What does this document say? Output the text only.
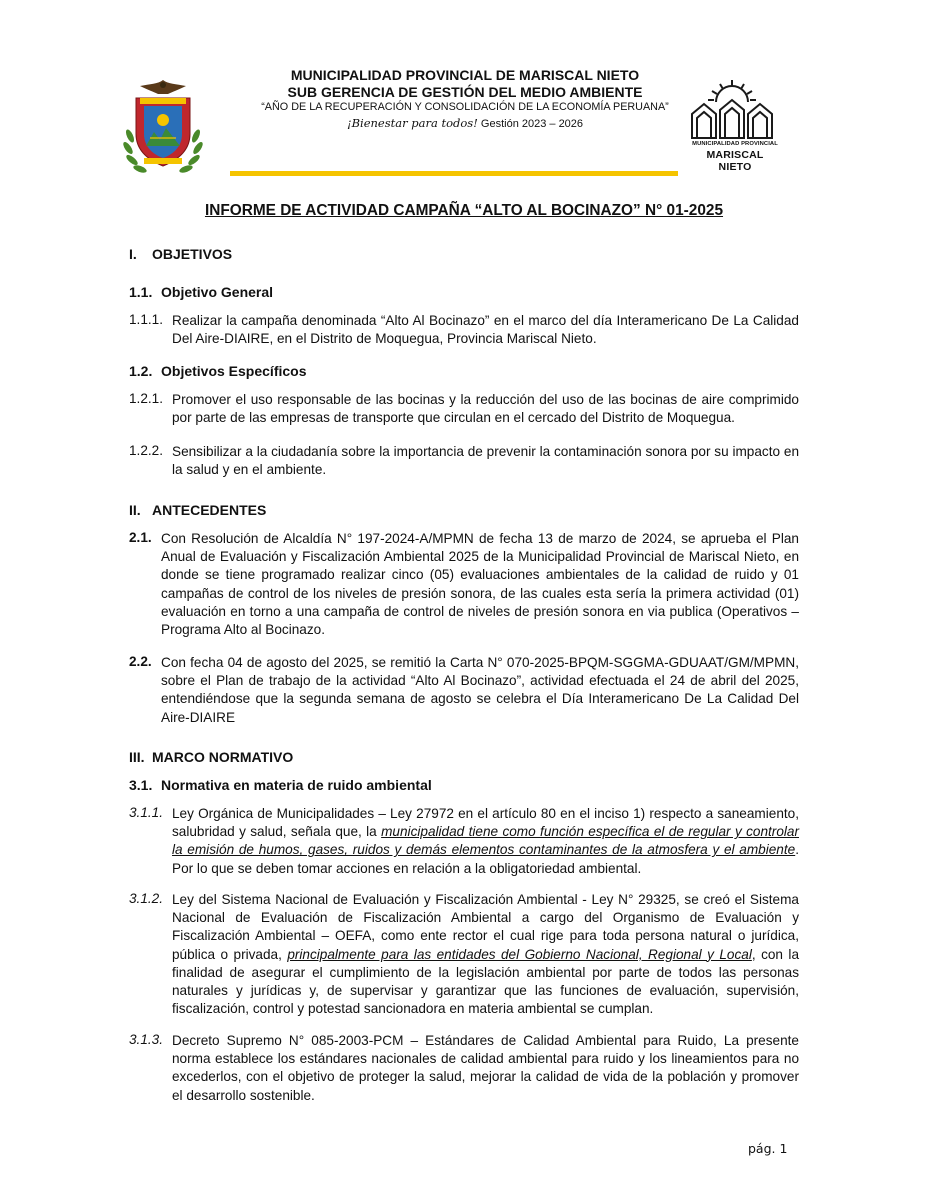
MUNICIPALIDAD PROVINCIAL
MARISCAL NIETO
MUNICIPALIDAD PROVINCIAL DE MARISCAL NIETO
SUB GERENCIA DE GESTIÓN DEL MEDIO AMBIENTE
“AÑO DE LA RECUPERACIÓN Y CONSOLIDACIÓN DE LA ECONOMÍA PERUANA”
¡Bienestar para todos! Gestión 2023 – 2026
INFORME DE ACTIVIDAD CAMPAÑA “ALTO AL BOCINAZO” N° 01-2025
I. OBJETIVOS
1.1. Objetivo General
1.1.1. Realizar la campaña denominada “Alto Al Bocinazo” en el marco del día Interamericano De La Calidad Del Aire-DIAIRE, en el Distrito de Moquegua, Provincia Mariscal Nieto.
1.2. Objetivos Específicos
1.2.1. Promover el uso responsable de las bocinas y la reducción del uso de las bocinas de aire comprimido por parte de las empresas de transporte que circulan en el cercado del Distrito de Moquegua.
1.2.2. Sensibilizar a la ciudadanía sobre la importancia de prevenir la contaminación sonora por su impacto en la salud y en el ambiente.
II. ANTECEDENTES
2.1. Con Resolución de Alcaldía N° 197-2024-A/MPMN de fecha 13 de marzo de 2024, se aprueba el Plan Anual de Evaluación y Fiscalización Ambiental 2025 de la Municipalidad Provincial de Mariscal Nieto, en donde se tiene programado realizar cinco (05) evaluaciones ambientales de la calidad de ruido y 01 campañas de control de los niveles de presión sonora, de las cuales esta sería la primera actividad (01) evaluación en torno a una campaña de control de niveles de presión sonora en via publica (Operativos – Programa Alto al Bocinazo.
2.2. Con fecha 04 de agosto del 2025, se remitió la Carta N° 070-2025-BPQM-SGGMA-GDUAAT/GM/MPMN, sobre el Plan de trabajo de la actividad “Alto Al Bocinazo”, actividad efectuada el 24 de abril del 2025, entendiéndose que la segunda semana de agosto se celebra el Día Interamericano De La Calidad Del Aire-DIAIRE
III. MARCO NORMATIVO
3.1. Normativa en materia de ruido ambiental
3.1.1. Ley Orgánica de Municipalidades – Ley 27972 en el artículo 80 en el inciso 1) respecto a saneamiento, salubridad y salud, señala que, la municipalidad tiene como función específica el de regular y controlar la emisión de humos, gases, ruidos y demás elementos contaminantes de la atmosfera y el ambiente. Por lo que se deben tomar acciones en relación a la obligatoriedad ambiental.
3.1.2. Ley del Sistema Nacional de Evaluación y Fiscalización Ambiental - Ley N° 29325, se creó el Sistema Nacional de Evaluación de Fiscalización Ambiental a cargo del Organismo de Evaluación y Fiscalización Ambiental – OEFA, como ente rector el cual rige para toda persona natural o jurídica, pública o privada, principalmente para las entidades del Gobierno Nacional, Regional y Local, con la finalidad de asegurar el cumplimiento de la legislación ambiental por parte de todos las personas naturales y jurídicas y, de supervisar y garantizar que las funciones de evaluación, supervisión, fiscalización, control y potestad sancionadora en materia ambiental se cumplan.
3.1.3. Decreto Supremo N° 085-2003-PCM – Estándares de Calidad Ambiental para Ruido, La presente norma establece los estándares nacionales de calidad ambiental para ruido y los lineamientos para no excederlos, con el objetivo de proteger la salud, mejorar la calidad de vida de la población y promover el desarrollo sostenible.
pág. 1
